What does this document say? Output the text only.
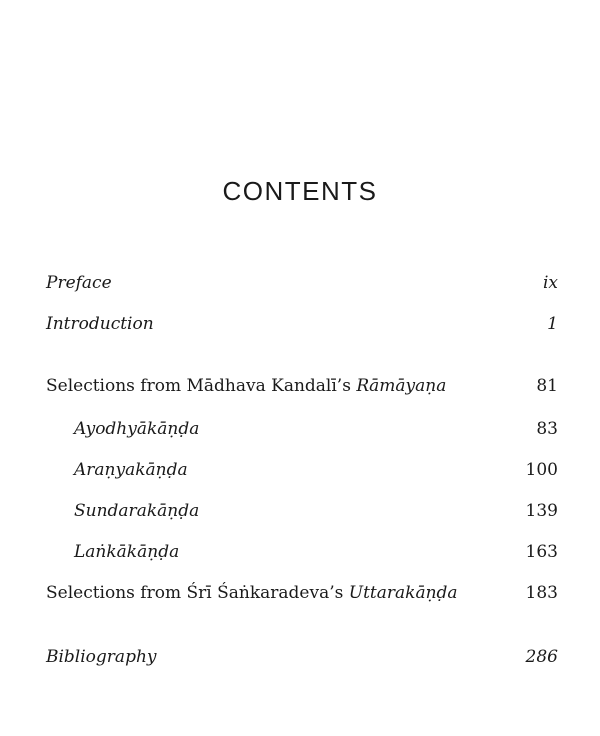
CONTENTS
Preface	ix
Introduction	1
Selections from Mādhava Kandalī’s Rāmāyaṇa	81
Ayodhyākāṇḍa	83
Araṇyakāṇḍa	100
Sundarakāṇḍa	139
Laṅkākāṇḍa	163
Selections from Śrī Śaṅkaradeva’s Uttarakāṇḍa	183
Bibliography	286
